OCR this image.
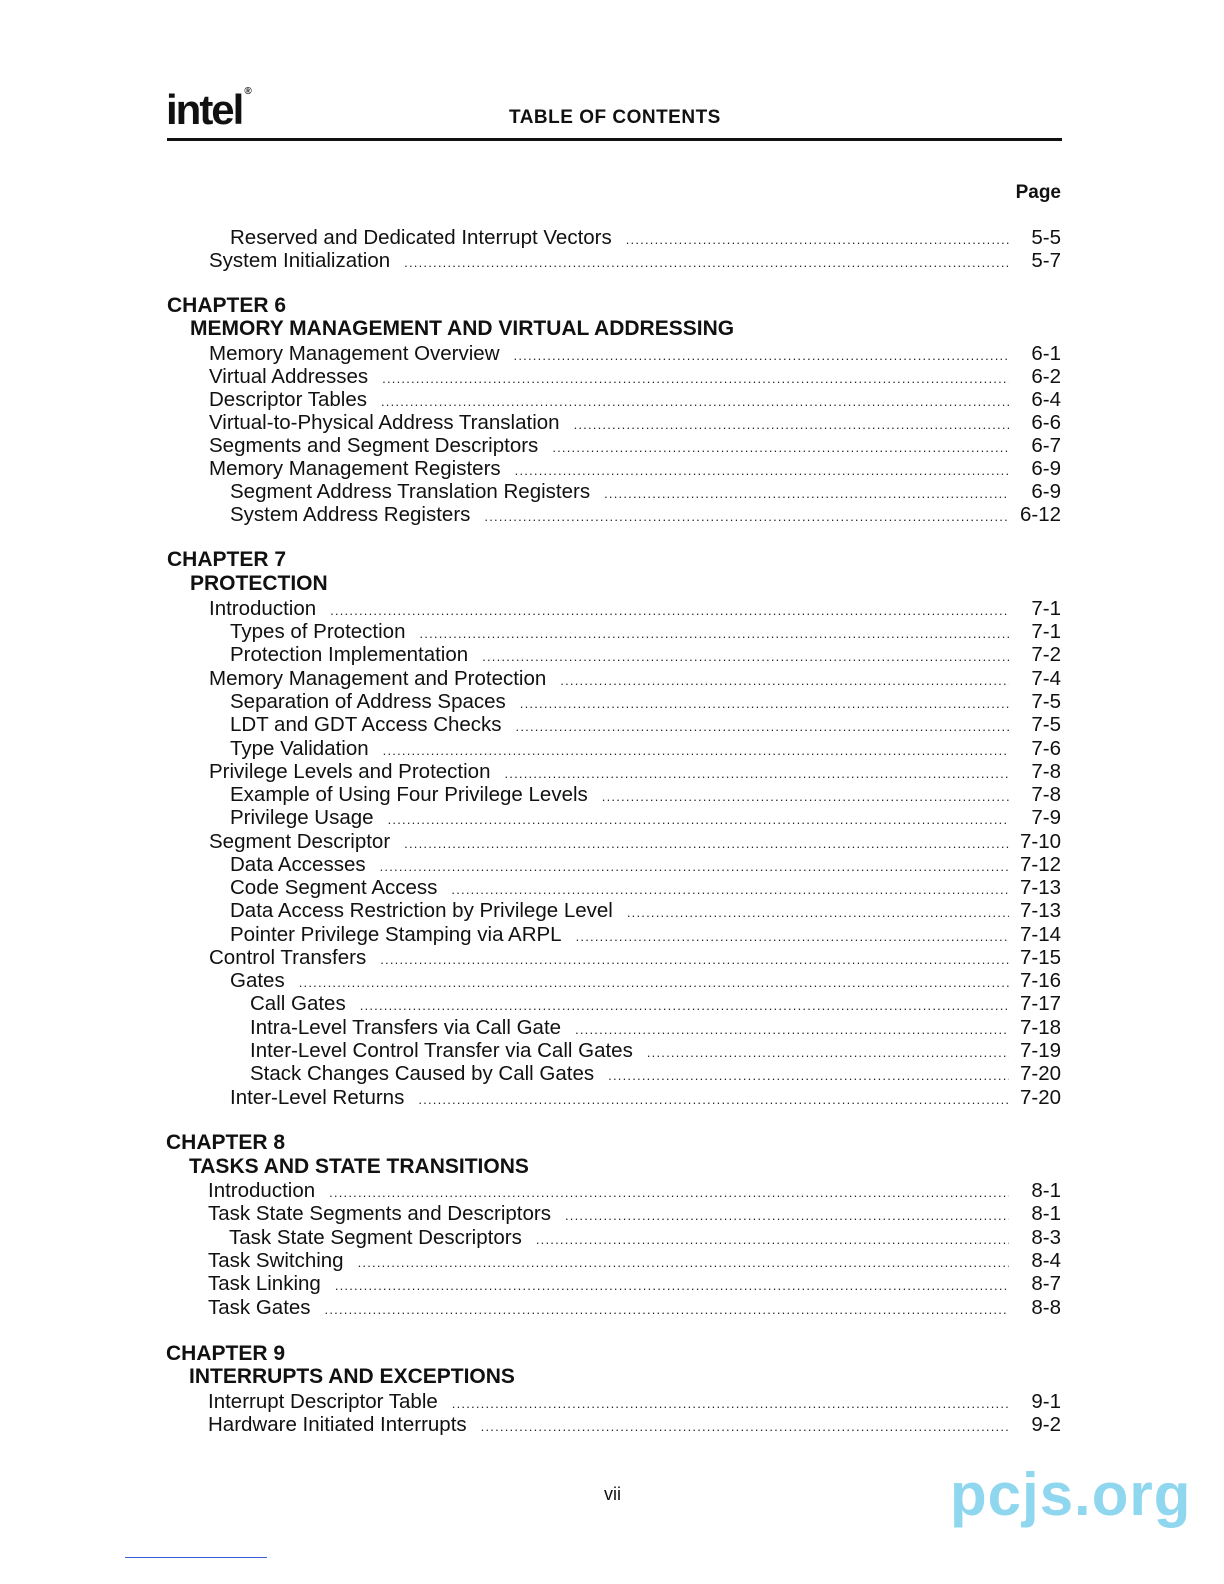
intel ®
TABLE OF CONTENTS
Page
Reserved and Dedicated Interrupt Vectors .....	5-5
System Initialization .....	5-7
CHAPTER 6
MEMORY MANAGEMENT AND VIRTUAL ADDRESSING
Memory Management Overview .....	6-1
Virtual Addresses .....	6-2
Descriptor Tables .....	6-4
Virtual-to-Physical Address Translation .....	6-6
Segments and Segment Descriptors .....	6-7
Memory Management Registers .....	6-9
Segment Address Translation Registers .....	6-9
System Address Registers .....	6-12
CHAPTER 7
PROTECTION
Introduction .....	7-1
Types of Protection .....	7-1
Protection Implementation .....	7-2
Memory Management and Protection .....	7-4
Separation of Address Spaces .....	7-5
LDT and GDT Access Checks .....	7-5
Type Validation .....	7-6
Privilege Levels and Protection .....	7-8
Example of Using Four Privilege Levels .....	7-8
Privilege Usage .....	7-9
Segment Descriptor .....	7-10
Data Accesses .....	7-12
Code Segment Access .....	7-13
Data Access Restriction by Privilege Level .....	7-13
Pointer Privilege Stamping via ARPL .....	7-14
Control Transfers .....	7-15
Gates .....	7-16
Call Gates .....	7-17
Intra-Level Transfers via Call Gate .....	7-18
Inter-Level Control Transfer via Call Gates .....	7-19
Stack Changes Caused by Call Gates .....	7-20
Inter-Level Returns .....	7-20
CHAPTER 8
TASKS AND STATE TRANSITIONS
Introduction .....	8-1
Task State Segments and Descriptors .....	8-1
Task State Segment Descriptors .....	8-3
Task Switching .....	8-4
Task Linking .....	8-7
Task Gates .....	8-8
CHAPTER 9
INTERRUPTS AND EXCEPTIONS
Interrupt Descriptor Table .....	9-1
Hardware Initiated Interrupts .....	9-2
vii	pcjs.org
